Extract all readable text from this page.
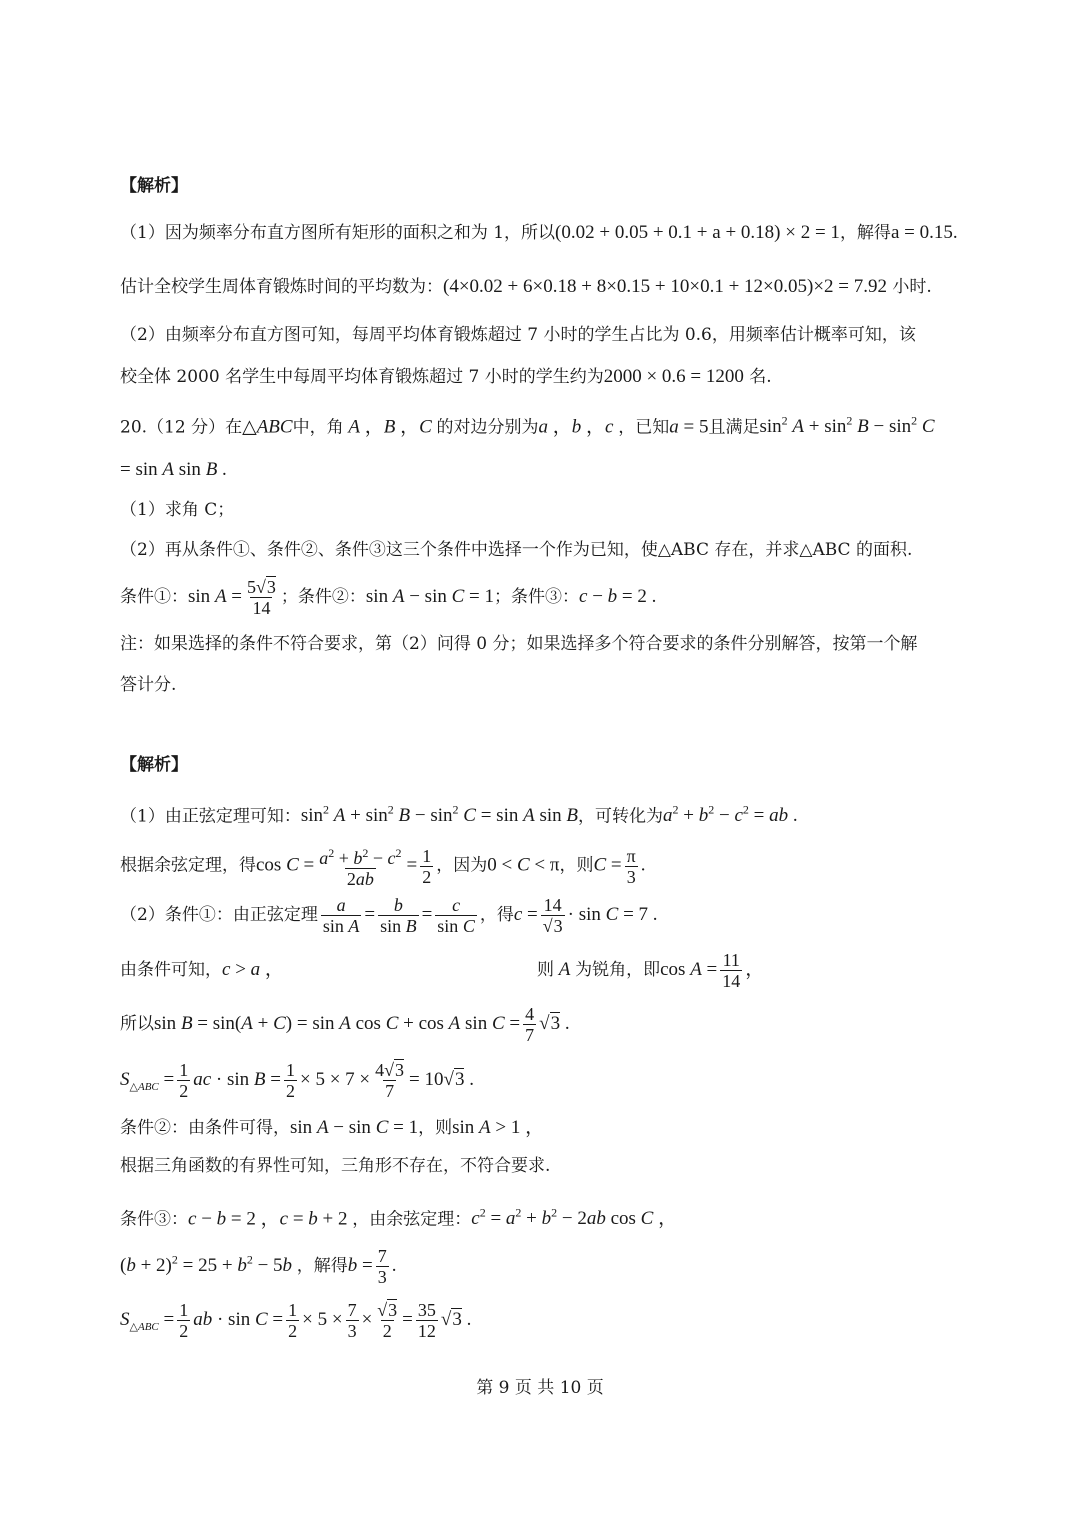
【解析】
（1）因为频率分布直方图所有矩形的面积之和为 1，所以(0.02 + 0.05 + 0.1 + a + 0.18) × 2 = 1，解得a = 0.15.
估计全校学生周体育锻炼时间的平均数为：(4×0.02 + 6×0.18 + 8×0.15 + 10×0.1 + 12×0.05)×2 = 7.92 小时.
（2）由频率分布直方图可知，每周平均体育锻炼超过 7 小时的学生占比为 0.6，用频率估计概率可知，该
校全体 2000 名学生中每周平均体育锻炼超过 7 小时的学生约为2000 × 0.6 = 1200 名.
20.（12 分）在△ABC中，角 A ，B ，C 的对边分别为a ，b ，c ，已知a = 5且满足$\sin^2 A + \sin^2 B - \sin^2 C$
= sin A sin B .
（1）求角 C；
（2）再从条件①、条件②、条件③这三个条件中选择一个作为已知，使△ABC 存在，并求△ABC 的面积.
条件①：$\sin A = \frac{5√3}{14}$ ；条件②：sin A − sin C = 1；条件③：c − b = 2 .
注：如果选择的条件不符合要求，第（2）问得 0 分；如果选择多个符合要求的条件分别解答，按第一个解
答计分.
【解析】
（1）由正弦定理可知：$\sin^2 A + \sin^2 B - \sin^2 C = \sin A$ sin B，可转化为$a^2 + b^2 - c^2$ = ab .
根据余弦定理，得$\cos C = \frac{a^2 + b^2 - c^2}{2ab} = \frac{1}{2}$ ，因为0 < C < π，则$C = \frac{\pi}{3}$ .
（2）条件①：由正弦定理 $\frac{a}{\text{sin A}} = \frac{b}{\text{sin B}} = \frac{c}{\text{sin C}}$ ，得$c = \frac{14}{√3} \cdot \sin C = 7$ .
由条件可知，c > a ，	则 A 为锐角，即$\cos A = \frac{11}{14}$ ，
所以sin B = sin(A + C) = sin A cos C + cos A $\sin C = \frac{4}{7} √3$ .
$S_{\triangle ABC} = \frac{1}{2}$ ac · $\sin B = \frac{1}{2} \times 5 \times 7 \times \frac{4√3}{7} = 10√3$ .
条件②：由条件可得，sin A − sin C = 1，则sin A > 1 ，
根据三角函数的有界性可知，三角形不存在，不符合要求.
条件③：c − b = 2 ，c = b + 2 ，由余弦定理：$c^2 = a^2 + b^2 - 2ab$ cos C ，
$(b + 2)^2 = 25 + b^2 - 5b$ ，解得$b = \frac{7}{3}$ .
$S_{\triangle ABC} = \frac{1}{2}$ ab · $\sin C = \frac{1}{2} \times 5 \times \frac{7}{3} \times \frac{√3}{2} = \frac{35}{12} √3$ .
第 9 页 共 10 页
